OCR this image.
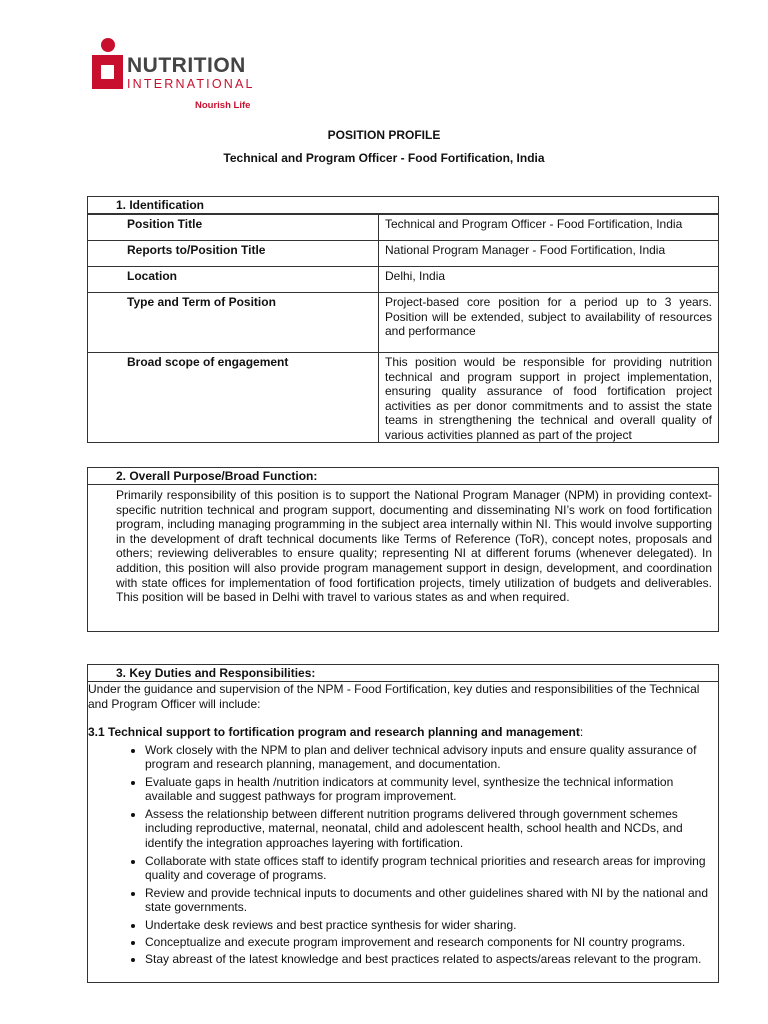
NUTRITION
INTERNATIONAL
Nourish Life
POSITION PROFILE
Technical and Program Officer - Food Fortification, India
1. Identification
Position Title	Technical and Program Officer - Food Fortification, India
Reports to/Position Title	National Program Manager - Food Fortification, India
Location	Delhi, India
Type and Term of Position	Project-based core position for a period up to 3 years. Position will be extended, subject to availability of resources and performance
Broad scope of engagement	This position would be responsible for providing nutrition technical and program support in project implementation, ensuring quality assurance of food fortification project activities as per donor commitments and to assist the state teams in strengthening the technical and overall quality of various activities planned as part of the project
2. Overall Purpose/Broad Function:
Primarily responsibility of this position is to support the National Program Manager (NPM) in providing context-specific nutrition technical and program support, documenting and disseminating NI’s work on food fortification program, including managing programming in the subject area internally within NI. This would involve supporting in the development of draft technical documents like Terms of Reference (ToR), concept notes, proposals and others; reviewing deliverables to ensure quality; representing NI at different forums (whenever delegated). In addition, this position will also provide program management support in design, development, and coordination with state offices for implementation of food fortification projects, timely utilization of budgets and deliverables. This position will be based in Delhi with travel to various states as and when required.
3. Key Duties and Responsibilities:

Under the guidance and supervision of the NPM - Food Fortification, key duties and responsibilities of the Technical and Program Officer will include:

3.1 Technical support to fortification program and research planning and management:
• Work closely with the NPM to plan and deliver technical advisory inputs and ensure quality assurance of program and research planning, management, and documentation.
• Evaluate gaps in health /nutrition indicators at community level, synthesize the technical information available and suggest pathways for program improvement.
• Assess the relationship between different nutrition programs delivered through government schemes including reproductive, maternal, neonatal, child and adolescent health, school health and NCDs, and identify the integration approaches layering with fortification.
• Collaborate with state offices staff to identify program technical priorities and research areas for improving quality and coverage of programs.
• Review and provide technical inputs to documents and other guidelines shared with NI by the national and state governments.
• Undertake desk reviews and best practice synthesis for wider sharing.
• Conceptualize and execute program improvement and research components for NI country programs.
• Stay abreast of the latest knowledge and best practices related to aspects/areas relevant to the program.
